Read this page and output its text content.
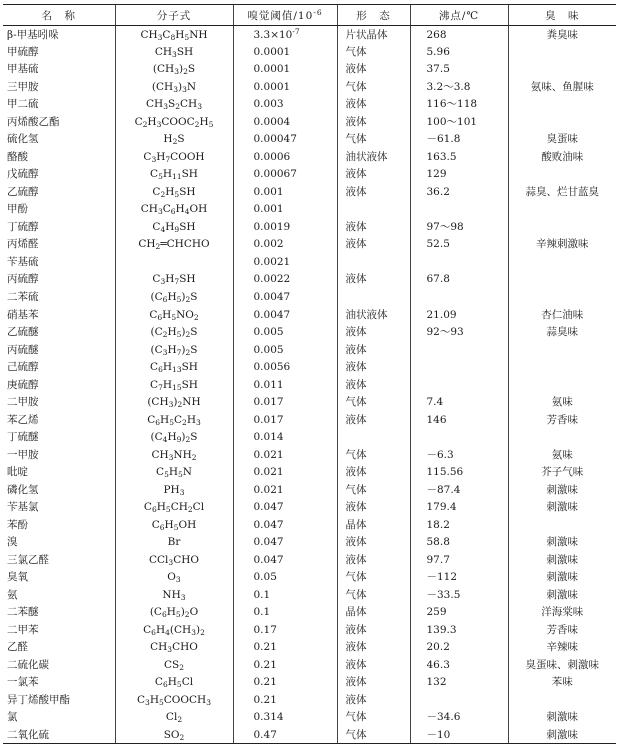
名　称	分子式	嗅觉阈值$/10^{-6}$	形　态	沸点/℃	臭　味
β-甲基吲哚	$CH_3C_8H_5NH$	$3.3\times 10^{-7}$	片状晶体	268	粪臭味
甲硫醇	$CH_3SH$	0.0001	气体	5.96	
甲基硫	$(CH_3)_2S$	0.0001	液体	37.5	
三甲胺	$(CH_3)_3N$	0.0001	气体	3.2～3.8	氨味、鱼腥味
甲二硫	$CH_3S_2CH_3$	0.003	液体	116～118	
丙烯酸乙酯	$C_2H_3COOC_2H_5$	0.0004	液体	100～101	
硫化氢	$H_2S$	0.00047	气体	－61.8	臭蛋味
酪酸	$C_3H_7COOH$	0.0006	油状液体	163.5	酸败油味
戊硫醇	$C_5H_{11}SH$	0.00067	液体	129	
乙硫醇	$C_2H_5SH$	0.001	液体	36.2	蒜臭、烂甘蓝臭
甲酚	$CH_3C_6H_4OH$	0.001			
丁硫醇	$C_4H_9SH$	0.0019	液体	97～98	
丙烯醛	$CH_2═CHCHO$	0.002	液体	52.5	辛辣刺激味
苄基硫		0.0021			
丙硫醇	$C_3H_7SH$	0.0022	液体	67.8	
二苯硫	$(C_6H_5)_2S$	0.0047			
硝基苯	$C_6H_5NO_2$	0.0047	油状液体	21.09	杏仁油味
乙硫醚	$(C_2H_5)_2S$	0.005	液体	92～93	蒜臭味
丙硫醚	$(C_3H_7)_2S$	0.005	液体		
己硫醇	$C_6H_{13}SH$	0.0056	液体		
庚硫醇	$C_7H_{15}SH$	0.011	液体		
二甲胺	$(CH_3)_2NH$	0.017	气体	7.4	氨味
苯乙烯	$C_6H_5C_2H_3$	0.017	液体	146	芳香味
丁硫醚	$(C_4H_9)_2S$	0.014			
一甲胺	$CH_3NH_2$	0.021	气体	－6.3	氨味
吡啶	$C_5H_5N$	0.021	液体	115.56	芥子气味
磷化氢	$PH_3$	0.021	气体	－87.4	刺激味
苄基氯	$C_6H_5CH_2Cl$	0.047	液体	179.4	刺激味
苯酚	$C_6H_5OH$	0.047	晶体	18.2	
溴	Br	0.047	液体	58.8	刺激味
三氯乙醛	CCl$_3$CHO	0.047	液体	97.7	刺激味
臭氧	$O_3$	0.05	气体	－112	刺激味
氨	$NH_3$	0.1	气体	－33.5	刺激味
二苯醚	$(C_6H_5)_2O$	0.1	晶体	259	洋海棠味
二甲苯	$C_6H_4(CH_3)_2$	0.17	液体	139.3	芳香味
乙醛	$CH_3CHO$	0.21	液体	20.2	辛辣味
二硫化碳	$CS_2$	0.21	液体	46.3	臭蛋味、刺激味
一氯苯	$C_6H_5Cl$	0.21	液体	132	苯味
异丁烯酸甲酯	$C_3H_5COOCH_3$	0.21	液体		
氯	$Cl_2$	0.314	气体	－34.6	刺激味
二氧化硫	$SO_2$	0.47	气体	－10	刺激味
